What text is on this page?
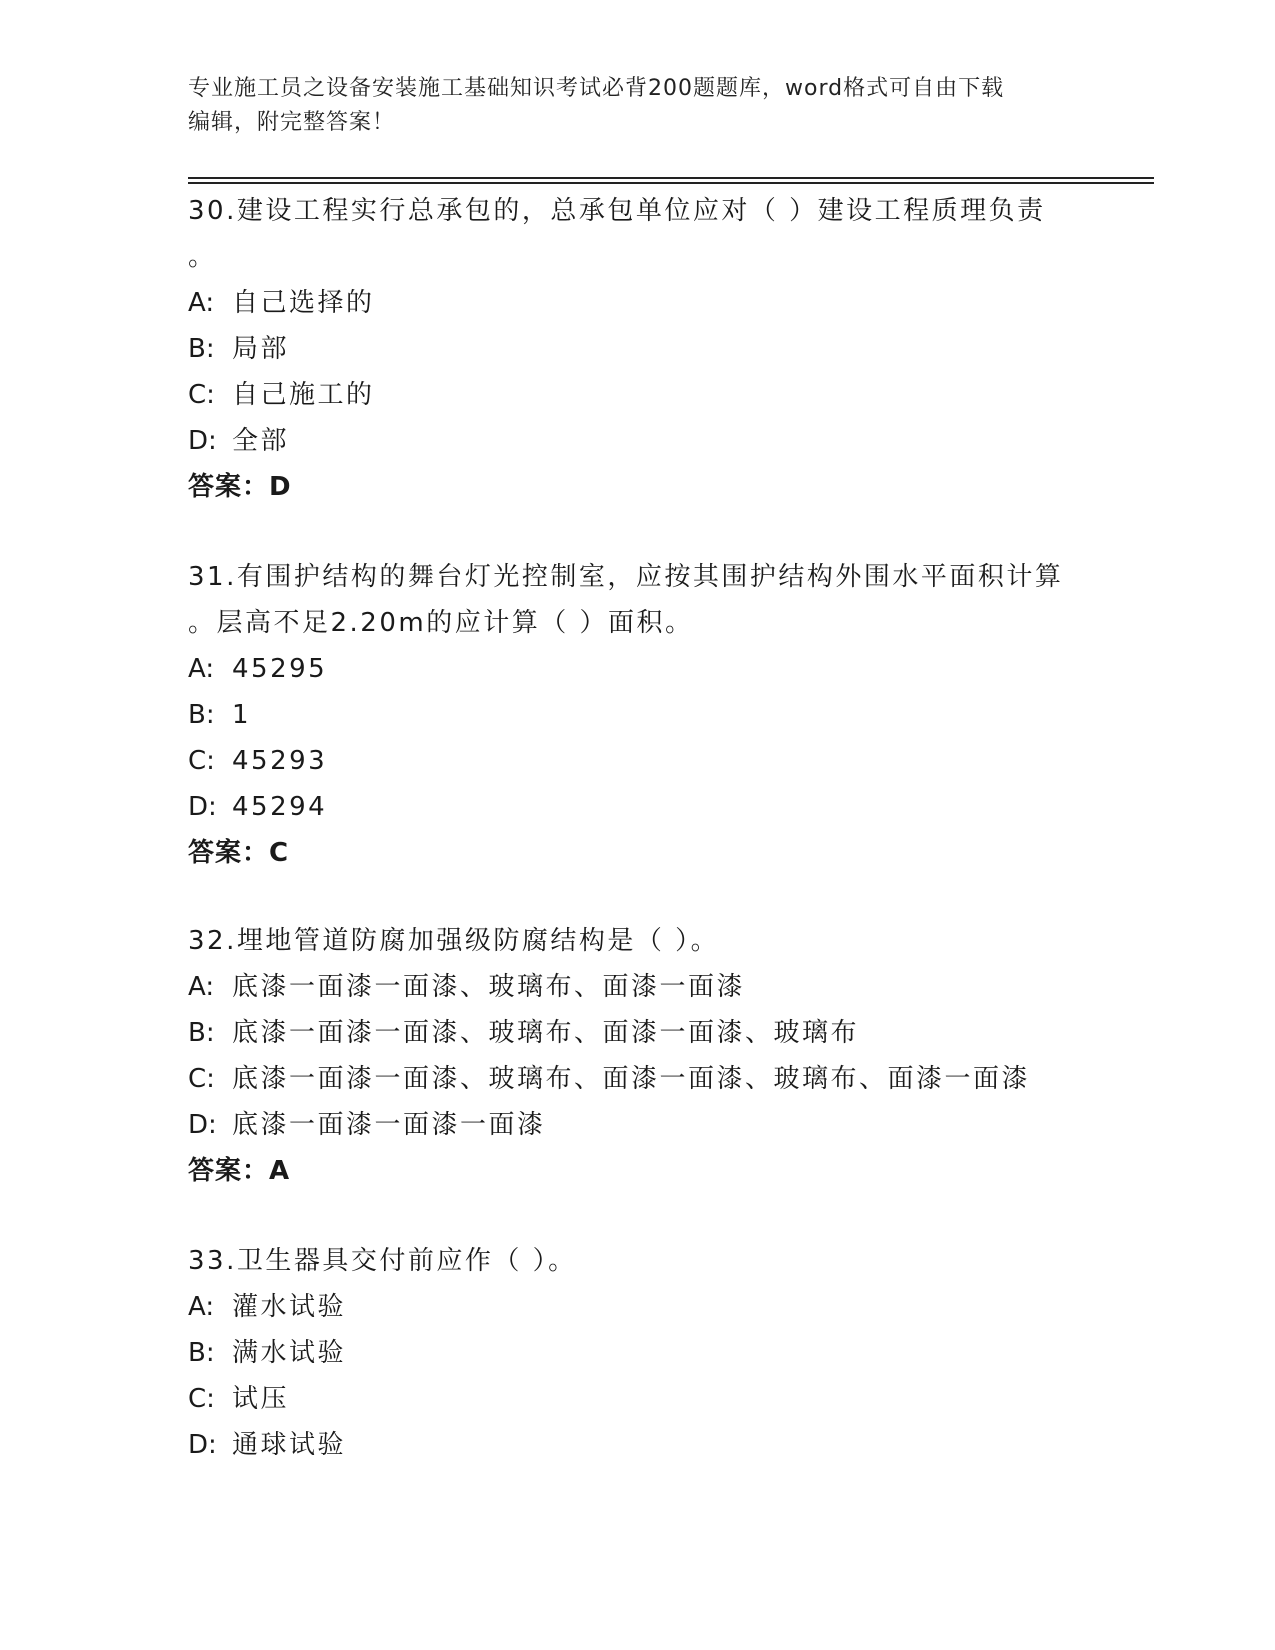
专业施工员之设备安装施工基础知识考试必背200题题库，word格式可自由下载
编辑，附完整答案！
30.建设工程实行总承包的，总承包单位应对（ ）建设工程质理负责
。
A: 自己选择的
B: 局部
C: 自己施工的
D: 全部
答案：D
31.有围护结构的舞台灯光控制室，应按其围护结构外围水平面积计算
。层高不足2.20m的应计算（ ）面积。
A: 45295
B: 1
C: 45293
D: 45294
答案：C
32.埋地管道防腐加强级防腐结构是（ ）。
A: 底漆一面漆一面漆、玻璃布、面漆一面漆
B: 底漆一面漆一面漆、玻璃布、面漆一面漆、玻璃布
C: 底漆一面漆一面漆、玻璃布、面漆一面漆、玻璃布、面漆一面漆
D: 底漆一面漆一面漆一面漆
答案：A
33.卫生器具交付前应作（ ）。
A: 灌水试验
B: 满水试验
C: 试压
D: 通球试验
